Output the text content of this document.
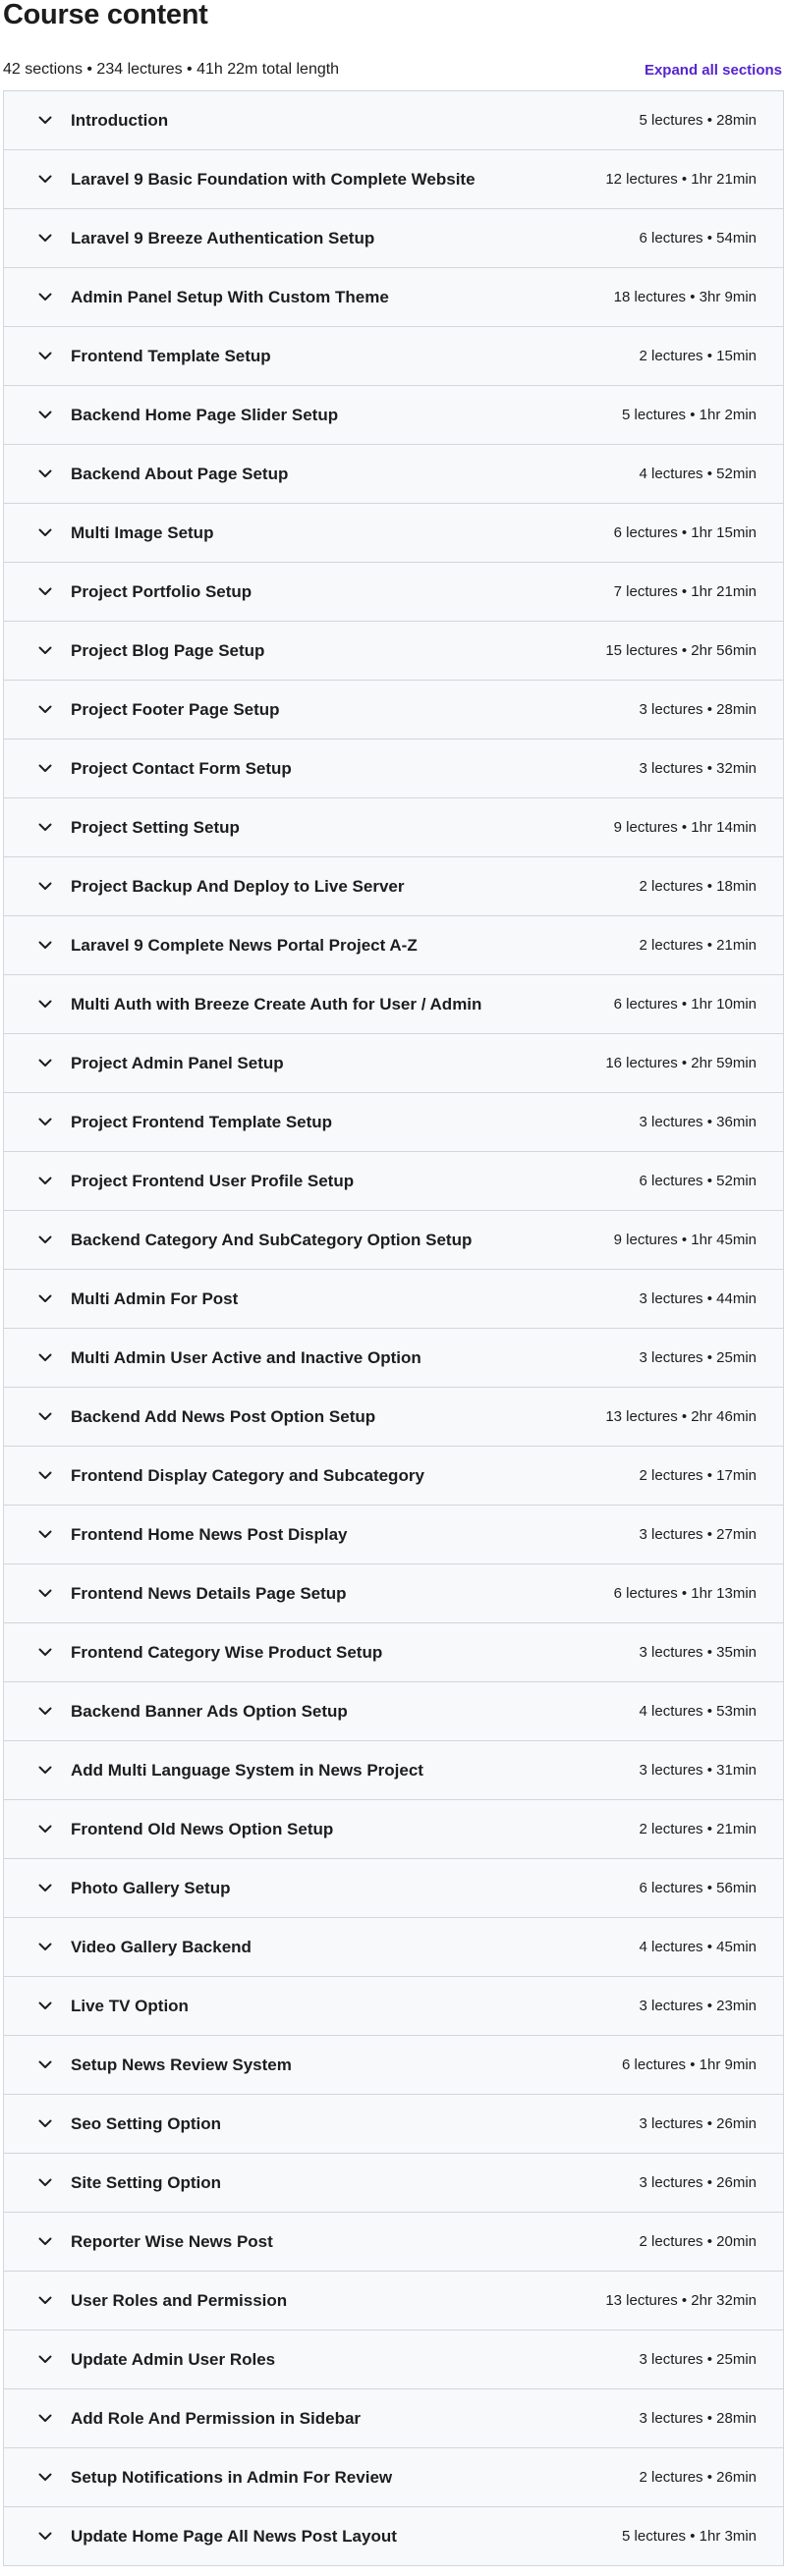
Course content
42 sections • 234 lectures • 41h 22m total length	Expand all sections
Introduction	5 lectures • 28min
Laravel 9 Basic Foundation with Complete Website	12 lectures • 1hr 21min
Laravel 9 Breeze Authentication Setup	6 lectures • 54min
Admin Panel Setup With Custom Theme	18 lectures • 3hr 9min
Frontend Template Setup	2 lectures • 15min
Backend Home Page Slider Setup	5 lectures • 1hr 2min
Backend About Page Setup	4 lectures • 52min
Multi Image Setup	6 lectures • 1hr 15min
Project Portfolio Setup	7 lectures • 1hr 21min
Project Blog Page Setup	15 lectures • 2hr 56min
Project Footer Page Setup	3 lectures • 28min
Project Contact Form Setup	3 lectures • 32min
Project Setting Setup	9 lectures • 1hr 14min
Project Backup And Deploy to Live Server	2 lectures • 18min
Laravel 9 Complete News Portal Project A-Z	2 lectures • 21min
Multi Auth with Breeze Create Auth for User / Admin	6 lectures • 1hr 10min
Project Admin Panel Setup	16 lectures • 2hr 59min
Project Frontend Template Setup	3 lectures • 36min
Project Frontend User Profile Setup	6 lectures • 52min
Backend Category And SubCategory Option Setup	9 lectures • 1hr 45min
Multi Admin For Post	3 lectures • 44min
Multi Admin User Active and Inactive Option	3 lectures • 25min
Backend Add News Post Option Setup	13 lectures • 2hr 46min
Frontend Display Category and Subcategory	2 lectures • 17min
Frontend Home News Post Display	3 lectures • 27min
Frontend News Details Page Setup	6 lectures • 1hr 13min
Frontend Category Wise Product Setup	3 lectures • 35min
Backend Banner Ads Option Setup	4 lectures • 53min
Add Multi Language System in News Project	3 lectures • 31min
Frontend Old News Option Setup	2 lectures • 21min
Photo Gallery Setup	6 lectures • 56min
Video Gallery Backend	4 lectures • 45min
Live TV Option	3 lectures • 23min
Setup News Review System	6 lectures • 1hr 9min
Seo Setting Option	3 lectures • 26min
Site Setting Option	3 lectures • 26min
Reporter Wise News Post	2 lectures • 20min
User Roles and Permission	13 lectures • 2hr 32min
Update Admin User Roles	3 lectures • 25min
Add Role And Permission in Sidebar	3 lectures • 28min
Setup Notifications in Admin For Review	2 lectures • 26min
Update Home Page All News Post Layout	5 lectures • 1hr 3min
